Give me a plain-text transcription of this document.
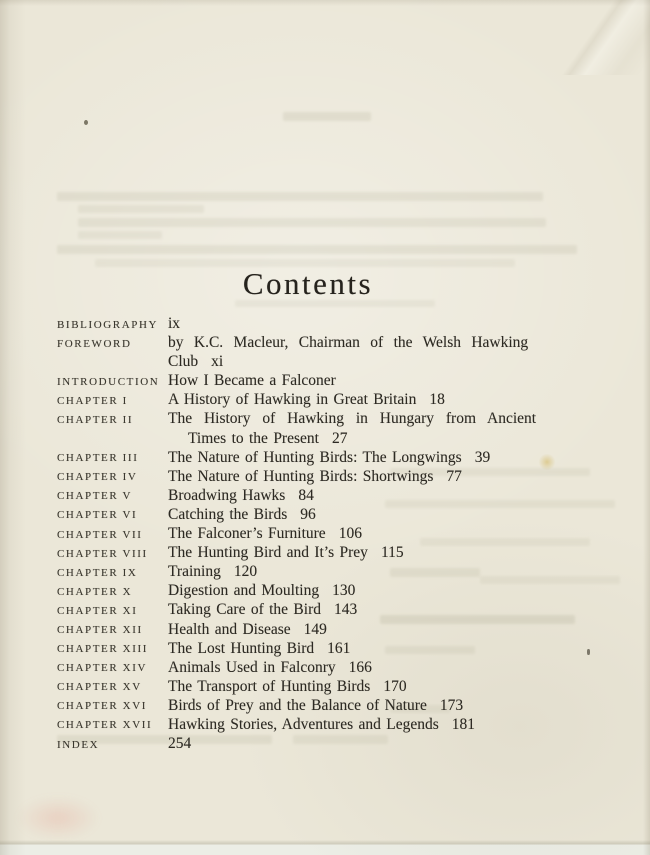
Contents
BIBLIOGRAPHY ix
FOREWORD	by K.C. Macleur, Chairman of the Welsh Hawking
Club xi
INTRODUCTION How I Became a Falconer
CHAPTER I	A History of Hawking in Great Britain 18
CHAPTER II	The History of Hawking in Hungary from Ancient
Times to the Present 27
CHAPTER III	The Nature of Hunting Birds: The Longwings 39
CHAPTER IV	The Nature of Hunting Birds: Shortwings 77
CHAPTER V	Broadwing Hawks 84
CHAPTER VI	Catching the Birds 96
CHAPTER VII	The Falconer’s Furniture 106
CHAPTER VIII	The Hunting Bird and It’s Prey 115
CHAPTER IX	Training 120
CHAPTER X	Digestion and Moulting 130
CHAPTER XI	Taking Care of the Bird 143
CHAPTER XII	Health and Disease 149
CHAPTER XIII	The Lost Hunting Bird 161
CHAPTER XIV	Animals Used in Falconry 166
CHAPTER XV	The Transport of Hunting Birds 170
CHAPTER XVI	Birds of Prey and the Balance of Nature 173
CHAPTER XVII	Hawking Stories, Adventures and Legends 181
INDEX	254
